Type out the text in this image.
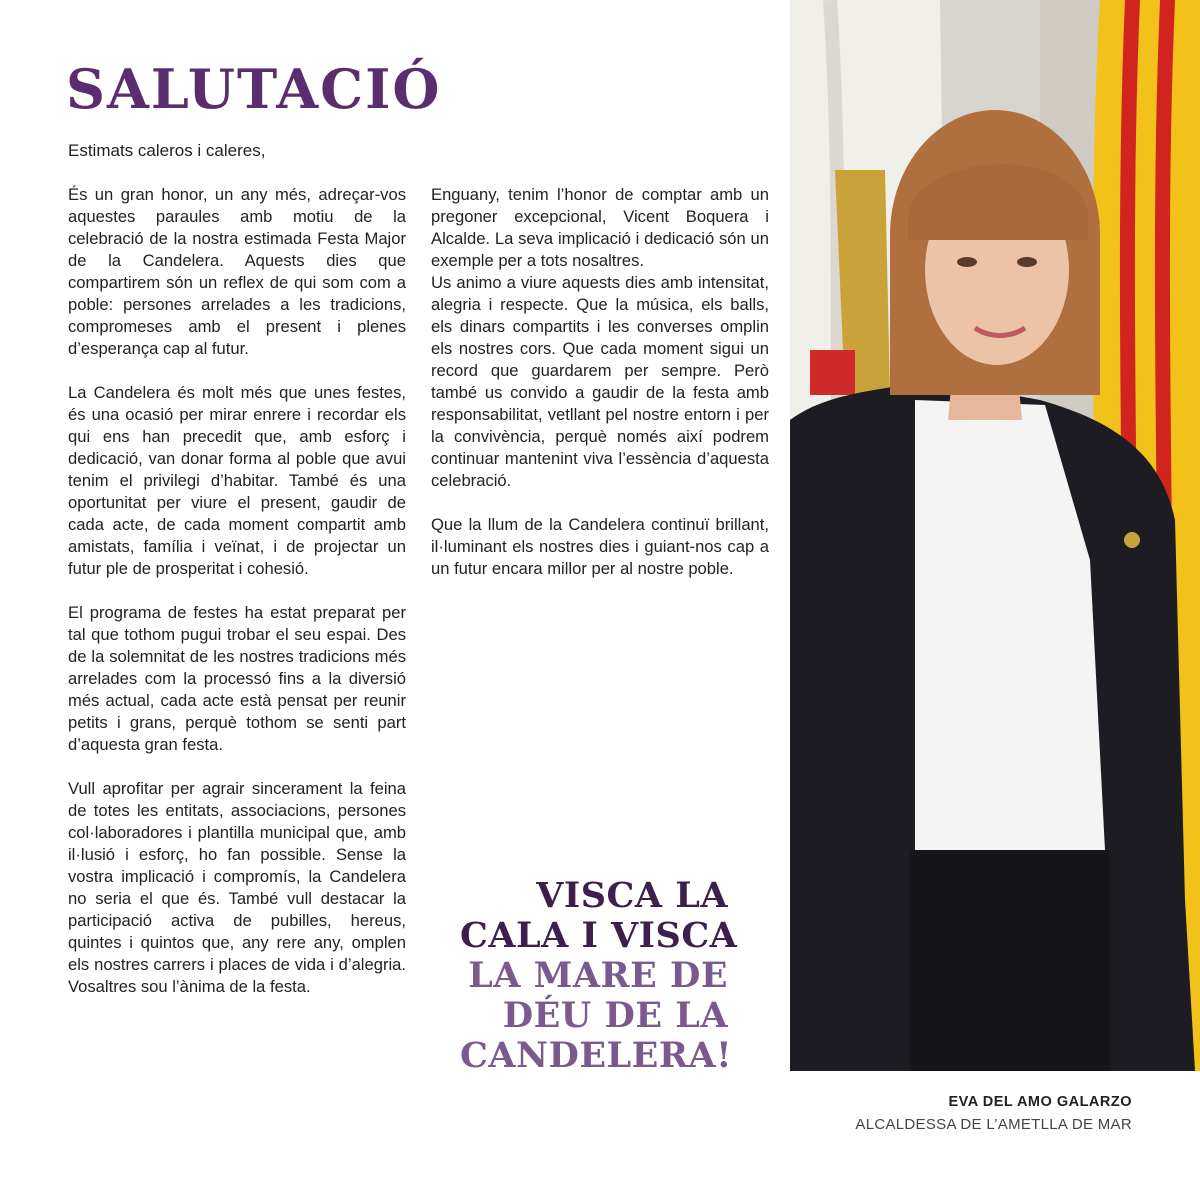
SALUTACIÓ
Estimats caleros i caleres,

És un gran honor, un any més, adreçar-vos aquestes paraules amb motiu de la celebració de la nostra estimada Festa Major de la Candelera. Aquests dies que compartirem són un reflex de qui som com a poble: persones arrelades a les tradicions, compromeses amb el present i plenes d’esperança cap al futur.

La Candelera és molt més que unes festes, és una ocasió per mirar enrere i recordar els qui ens han precedit que, amb esforç i dedicació, van donar forma al poble que avui tenim el privilegi d’habitar. També és una oportunitat per viure el present, gaudir de cada acte, de cada moment compartit amb amistats, família i veïnat, i de projectar un futur ple de prosperitat i cohesió.

El programa de festes ha estat preparat per tal que tothom pugui trobar el seu espai. Des de la solemnitat de les nostres tradicions més arrelades com la processó fins a la diversió més actual, cada acte està pensat per reunir petits i grans, perquè tothom se senti part d’aquesta gran festa.

Vull aprofitar per agrair sincerament la feina de totes les entitats, associacions, persones col·laboradores i plantilla municipal que, amb il·lusió i esforç, ho fan possible. Sense la vostra implicació i compromís, la Candelera no seria el que és. També vull destacar la participació activa de pubilles, hereus, quintes i quintos que, any rere any, omplen els nostres carrers i places de vida i d’alegria. Vosaltres sou l’ànima de la festa.

Enguany, tenim l’honor de comptar amb un pregoner excepcional, Vicent Boquera i Alcalde. La seva implicació i dedicació són un exemple per a tots nosaltres.

Us animo a viure aquests dies amb intensitat, alegria i respecte. Que la música, els balls, els dinars compartits i les converses omplin els nostres cors. Que cada moment sigui un record que guardarem per sempre. Però també us convido a gaudir de la festa amb responsabilitat, vetllant pel nostre entorn i per la convivència, perquè només així podrem continuar mantenint viva l’essència d’aquesta celebració.

Que la llum de la Candelera continuï brillant, il·luminant els nostres dies i guiant-nos cap a un futur encara millor per al nostre poble.

VISCA LA
CALA I VISCA
LA MARE DE
DÉU DE LA
CANDELERA!
EVA DEL AMO GALARZO
ALCALDESSA DE L’AMETLLA DE MAR
